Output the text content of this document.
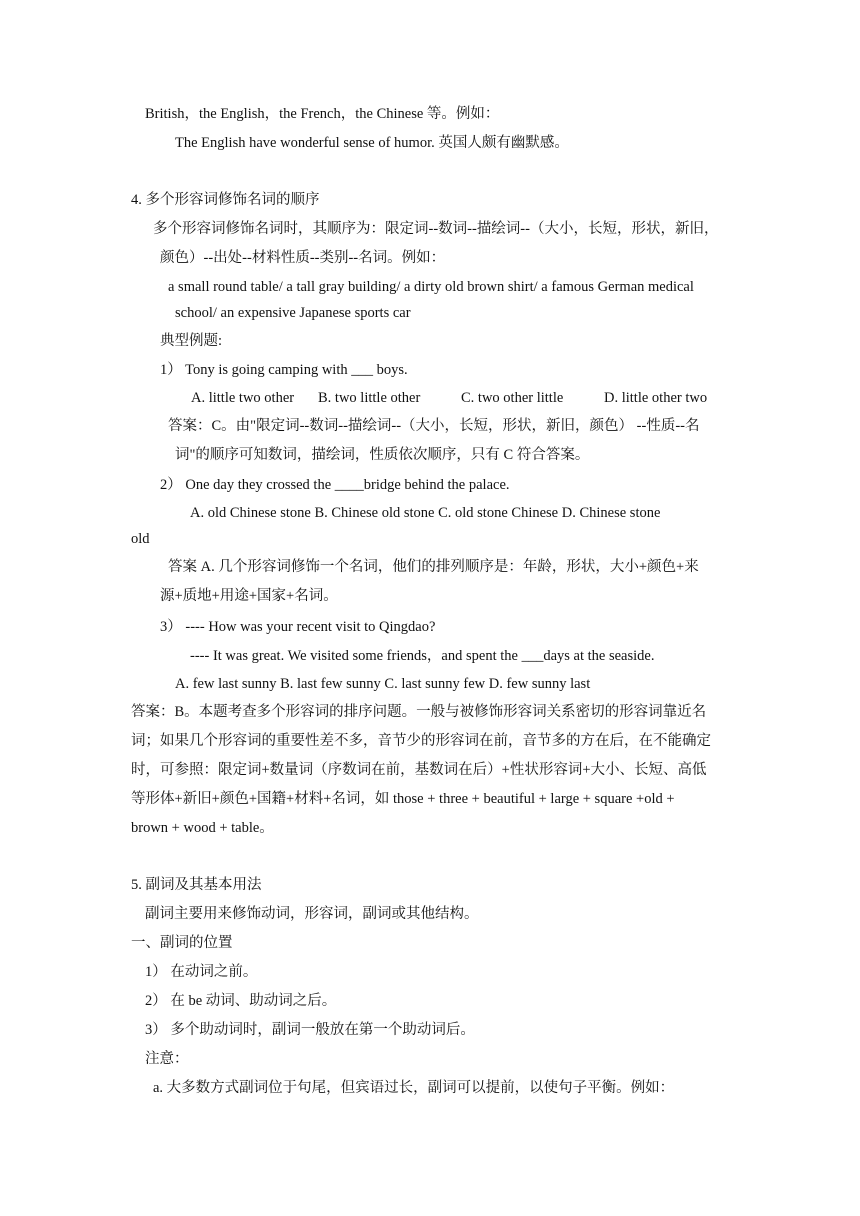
British，the English，the French，the Chinese 等。例如：
The English have wonderful sense of humor. 英国人颇有幽默感。
4. 多个形容词修饰名词的顺序
多个形容词修饰名词时，其顺序为：限定词--数词--描绘词--（大小，长短，形状，新旧，
颜色）--出处--材料性质--类别--名词。例如：
a small round table/ a tall gray building/ a dirty old brown shirt/ a famous German medical
school/ an expensive Japanese sports car
典型例题:
1） Tony is going camping with ___ boys.
A. little two other B. two little other	C. two other little	D. little other two
答案：C。由"限定词--数词--描绘词--（大小，长短，形状，新旧，颜色） --性质--名
词"的顺序可知数词，描绘词，性质依次顺序，只有 C 符合答案。
2） One day they crossed the ____bridge behind the palace.
A. old Chinese stone B. Chinese old stone C. old stone Chinese D. Chinese stone
old
答案 A. 几个形容词修饰一个名词，他们的排列顺序是：年龄，形状，大小+颜色+来
源+质地+用途+国家+名词。
3） ---- How was your recent visit to Qingdao?
---- It was great. We visited some friends，and spent the ___days at the seaside.
A. few last sunny B. last few sunny C. last sunny few D. few sunny last
答案：B。本题考查多个形容词的排序问题。一般与被修饰形容词关系密切的形容词靠近名
词；如果几个形容词的重要性差不多，音节少的形容词在前，音节多的方在后，在不能确定
时，可参照：限定词+数量词（序数词在前，基数词在后）+性状形容词+大小、长短、高低
等形体+新旧+颜色+国籍+材料+名词，如 those + three + beautiful + large + square +old +
brown + wood + table。
5. 副词及其基本用法
副词主要用来修饰动词，形容词，副词或其他结构。
一、副词的位置
1） 在动词之前。
2） 在 be 动词、助动词之后。
3） 多个助动词时，副词一般放在第一个助动词后。
注意：
a. 大多数方式副词位于句尾，但宾语过长，副词可以提前，以使句子平衡。例如：
